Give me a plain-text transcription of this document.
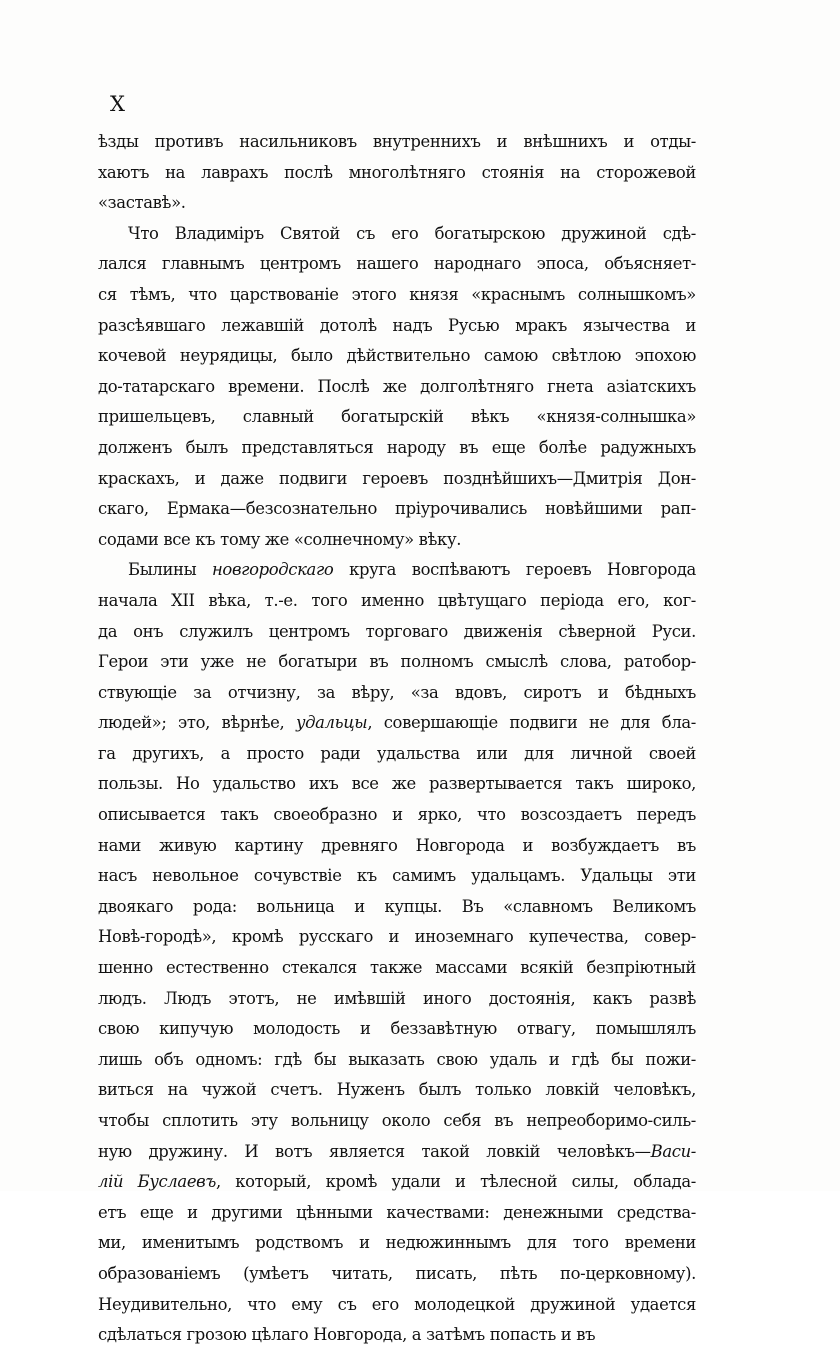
X
ѣзды противъ насильниковъ внутреннихъ и внѣшнихъ и отды-
хаютъ на лаврахъ послѣ многолѣтняго стоянія на сторожевой
«заставѣ».
Что Владиміръ Святой съ его богатырскою дружиной сдѣ-
лался главнымъ центромъ нашего народнаго эпоса, объясняет-
ся тѣмъ, что царствованіе этого князя «краснымъ солнышкомъ»
разсѣявшаго лежавшій дотолѣ надъ Русью мракъ язычества и
кочевой неурядицы, было дѣйствительно самою свѣтлою эпохою
до-татарскаго времени. Послѣ же долголѣтняго гнета азіатскихъ
пришельцевъ, славный богатырскій вѣкъ «князя-солнышка»
долженъ былъ представляться народу въ еще болѣе радужныхъ
краскахъ, и даже подвиги героевъ позднѣйшихъ—Дмитрія Дон-
скаго, Ермака—безсознательно пріурочивались новѣйшими рап-
содами все къ тому же «солнечному» вѣку.
Былины новгородскаго круга воспѣваютъ героевъ Новгорода
начала XII вѣка, т.-е. того именно цвѣтущаго періода его, ког-
да онъ служилъ центромъ торговаго движенія сѣверной Руси.
Герои эти уже не богатыри въ полномъ смыслѣ слова, ратобор-
ствующіе за отчизну, за вѣру, «за вдовъ, сиротъ и бѣдныхъ
людей»; это, вѣрнѣе, удальцы, совершающіе подвиги не для бла-
га другихъ, а просто ради удальства или для личной своей
пользы. Но удальство ихъ все же развертывается такъ широко,
описывается такъ своеобразно и ярко, что возсоздаетъ передъ
нами живую картину древняго Новгорода и возбуждаетъ въ
насъ невольное сочувствіе къ самимъ удальцамъ. Удальцы эти
двоякаго рода: вольница и купцы. Въ «славномъ Великомъ
Новѣ-городѣ», кромѣ русскаго и иноземнаго купечества, совер-
шенно естественно стекался также массами всякій безпріютный
людъ. Людъ этотъ, не имѣвшій иного достоянія, какъ развѣ
свою кипучую молодость и беззавѣтную отвагу, помышлялъ
лишь объ одномъ: гдѣ бы выказать свою удаль и гдѣ бы пожи-
виться на чужой счетъ. Нуженъ былъ только ловкій человѣкъ,
чтобы сплотить эту вольницу около себя въ непреоборимо-силь-
ную дружину. И вотъ является такой ловкій человѣкъ—Васи-
лій Буслаевъ, который, кромѣ удали и тѣлесной силы, облада-
етъ еще и другими цѣнными качествами: денежными средства-
ми, именитымъ родствомъ и недюжиннымъ для того времени
образованіемъ (умѣетъ читать, писать, пѣть по-церковному).
Неудивительно, что ему съ его молодецкой дружиной удается
сдѣлаться грозою цѣлаго Новгорода, а затѣмъ попасть и въ
